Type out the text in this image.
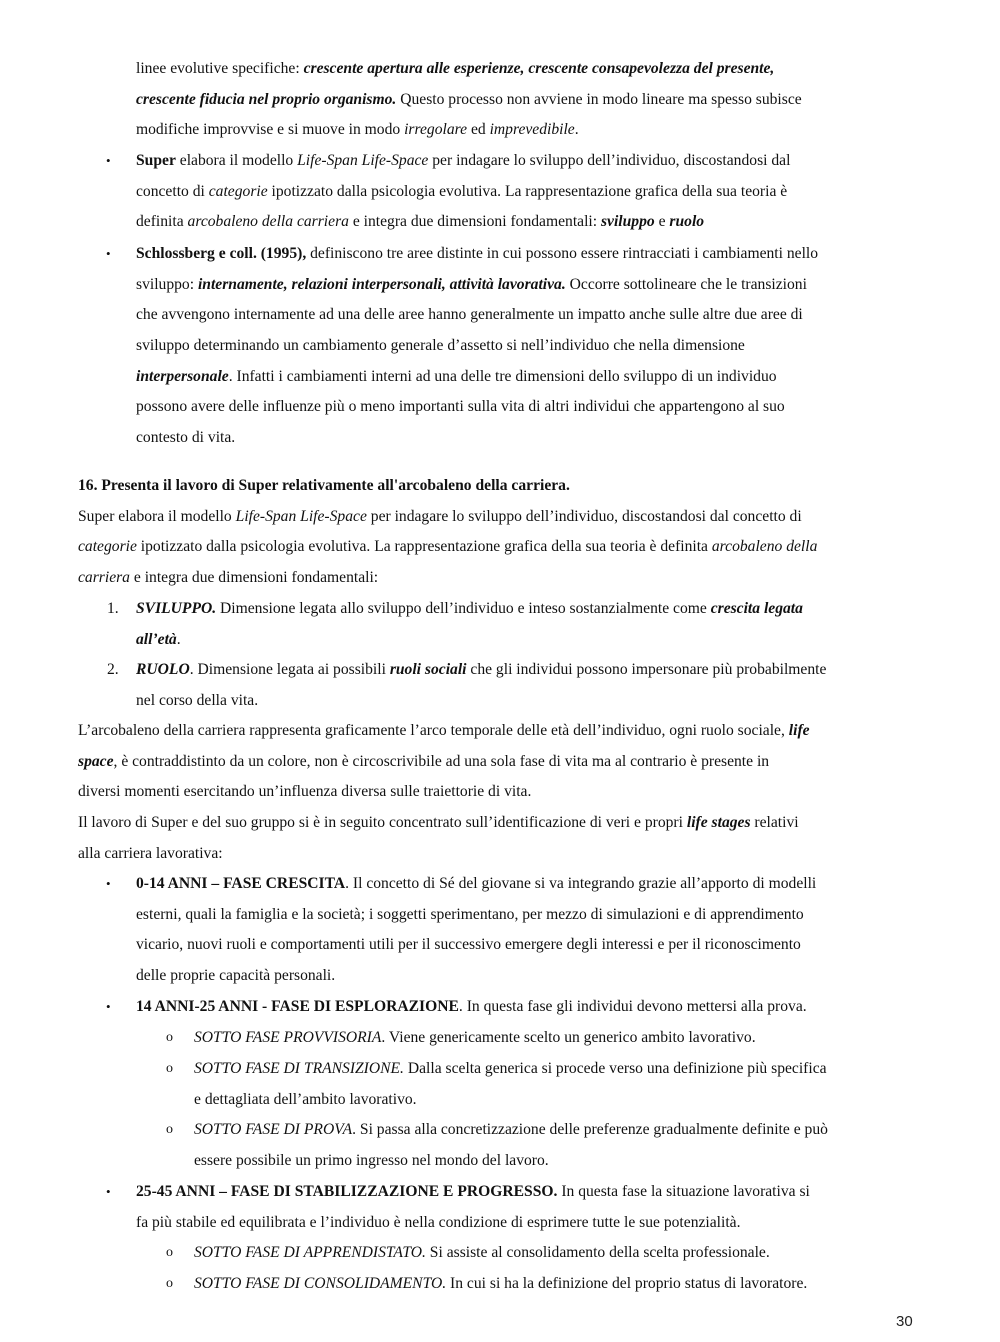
linee evolutive specifiche: crescente apertura alle esperienze, crescente consapevolezza del presente,
crescente fiducia nel proprio organismo. Questo processo non avviene in modo lineare ma spesso subisce
modifiche improvvise e si muove in modo irregolare ed imprevedibile.
•	Super elabora il modello Life-Span Life-Space per indagare lo sviluppo dell’individuo, discostandosi dal
concetto di categorie ipotizzato dalla psicologia evolutiva. La rappresentazione grafica della sua teoria è
definita arcobaleno della carriera e integra due dimensioni fondamentali: sviluppo e ruolo
•	Schlossberg e coll. (1995), definiscono tre aree distinte in cui possono essere rintracciati i cambiamenti nello
sviluppo: internamente, relazioni interpersonali, attività lavorativa. Occorre sottolineare che le transizioni
che avvengono internamente ad una delle aree hanno generalmente un impatto anche sulle altre due aree di
sviluppo determinando un cambiamento generale d’assetto si nell’individuo che nella dimensione
interpersonale. Infatti i cambiamenti interni ad una delle tre dimensioni dello sviluppo di un individuo
possono avere delle influenze più o meno importanti sulla vita di altri individui che appartengono al suo
contesto di vita.
16. Presenta il lavoro di Super relativamente all'arcobaleno della carriera.
Super elabora il modello Life-Span Life-Space per indagare lo sviluppo dell’individuo, discostandosi dal concetto di
categorie ipotizzato dalla psicologia evolutiva. La rappresentazione grafica della sua teoria è definita arcobaleno della
carriera e integra due dimensioni fondamentali:
1.	SVILUPPO. Dimensione legata allo sviluppo dell’individuo e inteso sostanzialmente come crescita legata
all’età.
2.	RUOLO. Dimensione legata ai possibili ruoli sociali che gli individui possono impersonare più probabilmente
nel corso della vita.
L’arcobaleno della carriera rappresenta graficamente l’arco temporale delle età dell’individuo, ogni ruolo sociale, life
space, è contraddistinto da un colore, non è circoscrivibile ad una sola fase di vita ma al contrario è presente in
diversi momenti esercitando un’influenza diversa sulle traiettorie di vita.
Il lavoro di Super e del suo gruppo si è in seguito concentrato sull’identificazione di veri e propri life stages relativi
alla carriera lavorativa:
•	0-14 ANNI – FASE CRESCITA. Il concetto di Sé del giovane si va integrando grazie all’apporto di modelli
esterni, quali la famiglia e la società; i soggetti sperimentano, per mezzo di simulazioni e di apprendimento
vicario, nuovi ruoli e comportamenti utili per il successivo emergere degli interessi e per il riconoscimento
delle proprie capacità personali.
•	14 ANNI-25 ANNI - FASE DI ESPLORAZIONE. In questa fase gli individui devono mettersi alla prova.
o	SOTTO FASE PROVVISORIA. Viene genericamente scelto un generico ambito lavorativo.
o	SOTTO FASE DI TRANSIZIONE. Dalla scelta generica si procede verso una definizione più specifica
e dettagliata dell’ambito lavorativo.
o	SOTTO FASE DI PROVA. Si passa alla concretizzazione delle preferenze gradualmente definite e può
essere possibile un primo ingresso nel mondo del lavoro.
•	25-45 ANNI – FASE DI STABILIZZAZIONE E PROGRESSO. In questa fase la situazione lavorativa si
fa più stabile ed equilibrata e l’individuo è nella condizione di esprimere tutte le sue potenzialità.
o	SOTTO FASE DI APPRENDISTATO. Si assiste al consolidamento della scelta professionale.
o	SOTTO FASE DI CONSOLIDAMENTO. In cui si ha la definizione del proprio status di lavoratore.
30
